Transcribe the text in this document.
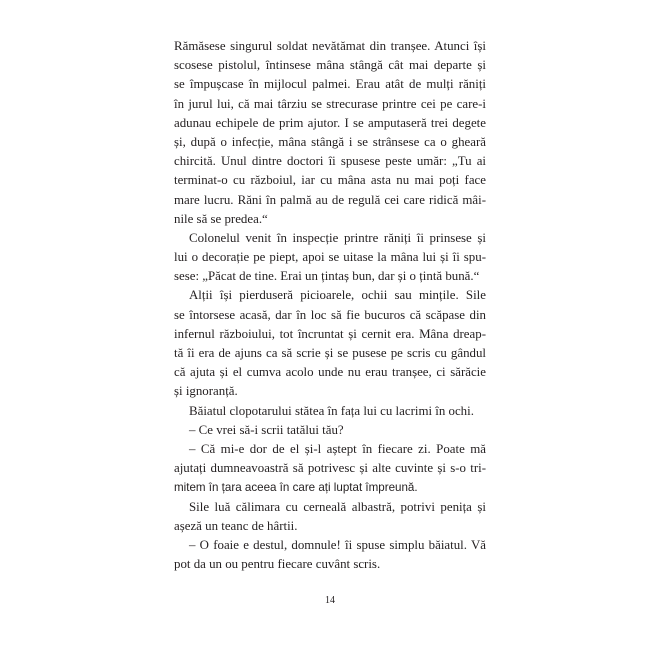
Rămăsese singurul soldat nevătămat din tranșee. Atunci își
scosese pistolul, întinsese mâna stângă cât mai departe și
se împușcase în mijlocul palmei. Erau atât de mulți răniți
în jurul lui, că mai târziu se strecurase printre cei pe care-i
adunau echipele de prim ajutor. I se amputaseră trei degete
și, după o infecție, mâna stângă i se strânsese ca o gheară
chircită. Unul dintre doctori îi spusese peste umăr: „Tu ai
terminat-o cu războiul, iar cu mâna asta nu mai poți face
mare lucru. Răni în palmă au de regulă cei care ridică mâi-
nile să se predea.“
Colonelul venit în inspecție printre răniți îi prinsese și
lui o decorație pe piept, apoi se uitase la mâna lui și îi spu-
sese: „Păcat de tine. Erai un țintaș bun, dar și o țintă bună.“
Alții își pierduseră picioarele, ochii sau mințile. Sile
se întorsese acasă, dar în loc să fie bucuros că scăpase din
infernul războiului, tot încruntat și cernit era. Mâna dreap-
tă îi era de ajuns ca să scrie și se pusese pe scris cu gândul
că ajuta și el cumva acolo unde nu erau tranșee, ci sărăcie
și ignoranță.
Băiatul clopotarului stătea în fața lui cu lacrimi în ochi.
– Ce vrei să-i scrii tatălui tău?
– Că mi-e dor de el și-l aștept în fiecare zi. Poate mă
ajutați dumneavoastră să potrivesc și alte cuvinte și s-o tri-
mitem în țara aceea în care ați luptat împreună.
Sile luă călimara cu cerneală albastră, potrivi penița și
așeză un teanc de hârtii.
– O foaie e destul, domnule! îi spuse simplu băiatul. Vă
pot da un ou pentru fiecare cuvânt scris.
14
